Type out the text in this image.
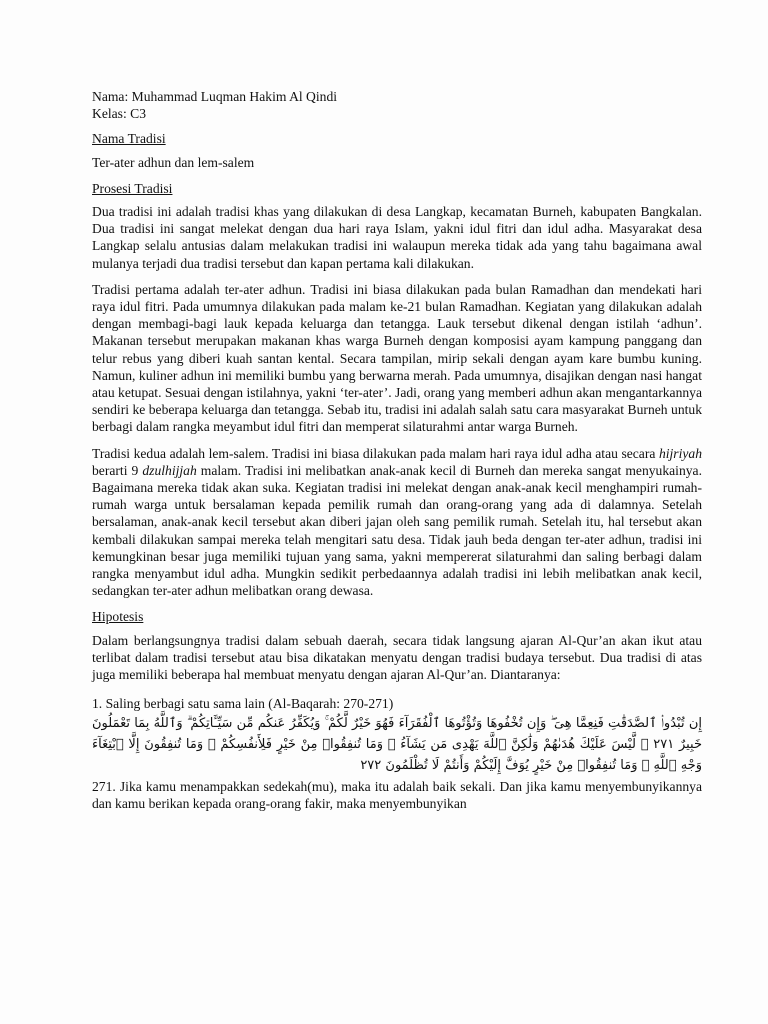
Nama: Muhammad Luqman Hakim Al Qindi
Kelas: C3
Nama Tradisi

Ter-ater adhun dan lem-salem

Prosesi Tradisi

Dua tradisi ini adalah tradisi khas yang dilakukan di desa Langkap, kecamatan Burneh, kabupaten Bangkalan. Dua tradisi ini sangat melekat dengan dua hari raya Islam, yakni idul fitri dan idul adha. Masyarakat desa Langkap selalu antusias dalam melakukan tradisi ini walaupun mereka tidak ada yang tahu bagaimana awal mulanya terjadi dua tradisi tersebut dan kapan pertama kali dilakukan.

Tradisi pertama adalah ter-ater adhun. Tradisi ini biasa dilakukan pada bulan Ramadhan dan mendekati hari raya idul fitri. Pada umumnya dilakukan pada malam ke-21 bulan Ramadhan. Kegiatan yang dilakukan adalah dengan membagi-bagi lauk kepada keluarga dan tetangga. Lauk tersebut dikenal dengan istilah ‘adhun’. Makanan tersebut merupakan makanan khas warga Burneh dengan komposisi ayam kampung panggang dan telur rebus yang diberi kuah santan kental. Secara tampilan, mirip sekali dengan ayam kare bumbu kuning. Namun, kuliner adhun ini memiliki bumbu yang berwarna merah. Pada umumnya, disajikan dengan nasi hangat atau ketupat. Sesuai dengan istilahnya, yakni ‘ter-ater’. Jadi, orang yang memberi adhun akan mengantarkannya sendiri ke beberapa keluarga dan tetangga. Sebab itu, tradisi ini adalah salah satu cara masyarakat Burneh untuk berbagi dalam rangka meyambut idul fitri dan memperat silaturahmi antar warga Burneh.

Tradisi kedua adalah lem-salem. Tradisi ini biasa dilakukan pada malam hari raya idul adha atau secara hijriyah berarti 9 dzulhijjah malam. Tradisi ini melibatkan anak-anak kecil di Burneh dan mereka sangat menyukainya. Bagaimana mereka tidak akan suka. Kegiatan tradisi ini melekat dengan anak-anak kecil menghampiri rumah-rumah warga untuk bersalaman kepada pemilik rumah dan orang-orang yang ada di dalamnya. Setelah bersalaman, anak-anak kecil tersebut akan diberi jajan oleh sang pemilik rumah. Setelah itu, hal tersebut akan kembali dilakukan sampai mereka telah mengitari satu desa. Tidak jauh beda dengan ter-ater adhun, tradisi ini kemungkinan besar juga memiliki tujuan yang sama, yakni mempererat silaturahmi dan saling berbagi dalam rangka menyambut idul adha. Mungkin sedikit perbedaannya adalah tradisi ini lebih melibatkan anak kecil, sedangkan ter-ater adhun melibatkan orang dewasa.

Hipotesis

Dalam berlangsungnya tradisi dalam sebuah daerah, secara tidak langsung ajaran Al-Qur’an akan ikut atau terlibat dalam tradisi tersebut atau bisa dikatakan menyatu dengan tradisi budaya tersebut. Dua tradisi di atas juga memiliki beberapa hal membuat menyatu dengan ajaran Al-Qur’an. Diantaranya:

1. Saling berbagi satu sama lain (Al-Baqarah: 270-271)
إِن تُبْدُوا۟ ٱلصَّدَقَٰتِ فَنِعِمَّا هِىَ ۖ وَإِن تُخْفُوهَا وَتُؤْتُوهَا ٱلْفُقَرَآءَ فَهُوَ خَيْرٌ لَّكُمْ ۚ وَيُكَفِّرُ عَنكُم مِّن سَيِّـَٔاتِكُمْ ۗ وَٱللَّهُ بِمَا تَعْمَلُونَ خَبِيرٌ ٢٧١ ۞ لَّيْسَ عَلَيْكَ هُدَىٰهُمْ وَلَٰكِنَّ ٱللَّهَ يَهْدِى مَن يَشَآءُ ۗ وَمَا تُنفِقُوا۟ مِنْ خَيْرٍ فَلِأَنفُسِكُمْ ۚ وَمَا تُنفِقُونَ إِلَّا ٱبْتِغَآءَ وَجْهِ ٱللَّهِ ۚ وَمَا تُنفِقُوا۟ مِنْ خَيْرٍ يُوَفَّ إِلَيْكُمْ وَأَنتُمْ لَا تُظْلَمُونَ ٢٧٢

271. Jika kamu menampakkan sedekah(mu), maka itu adalah baik sekali. Dan jika kamu menyembunyikannya dan kamu berikan kepada orang-orang fakir, maka menyembunyikan
